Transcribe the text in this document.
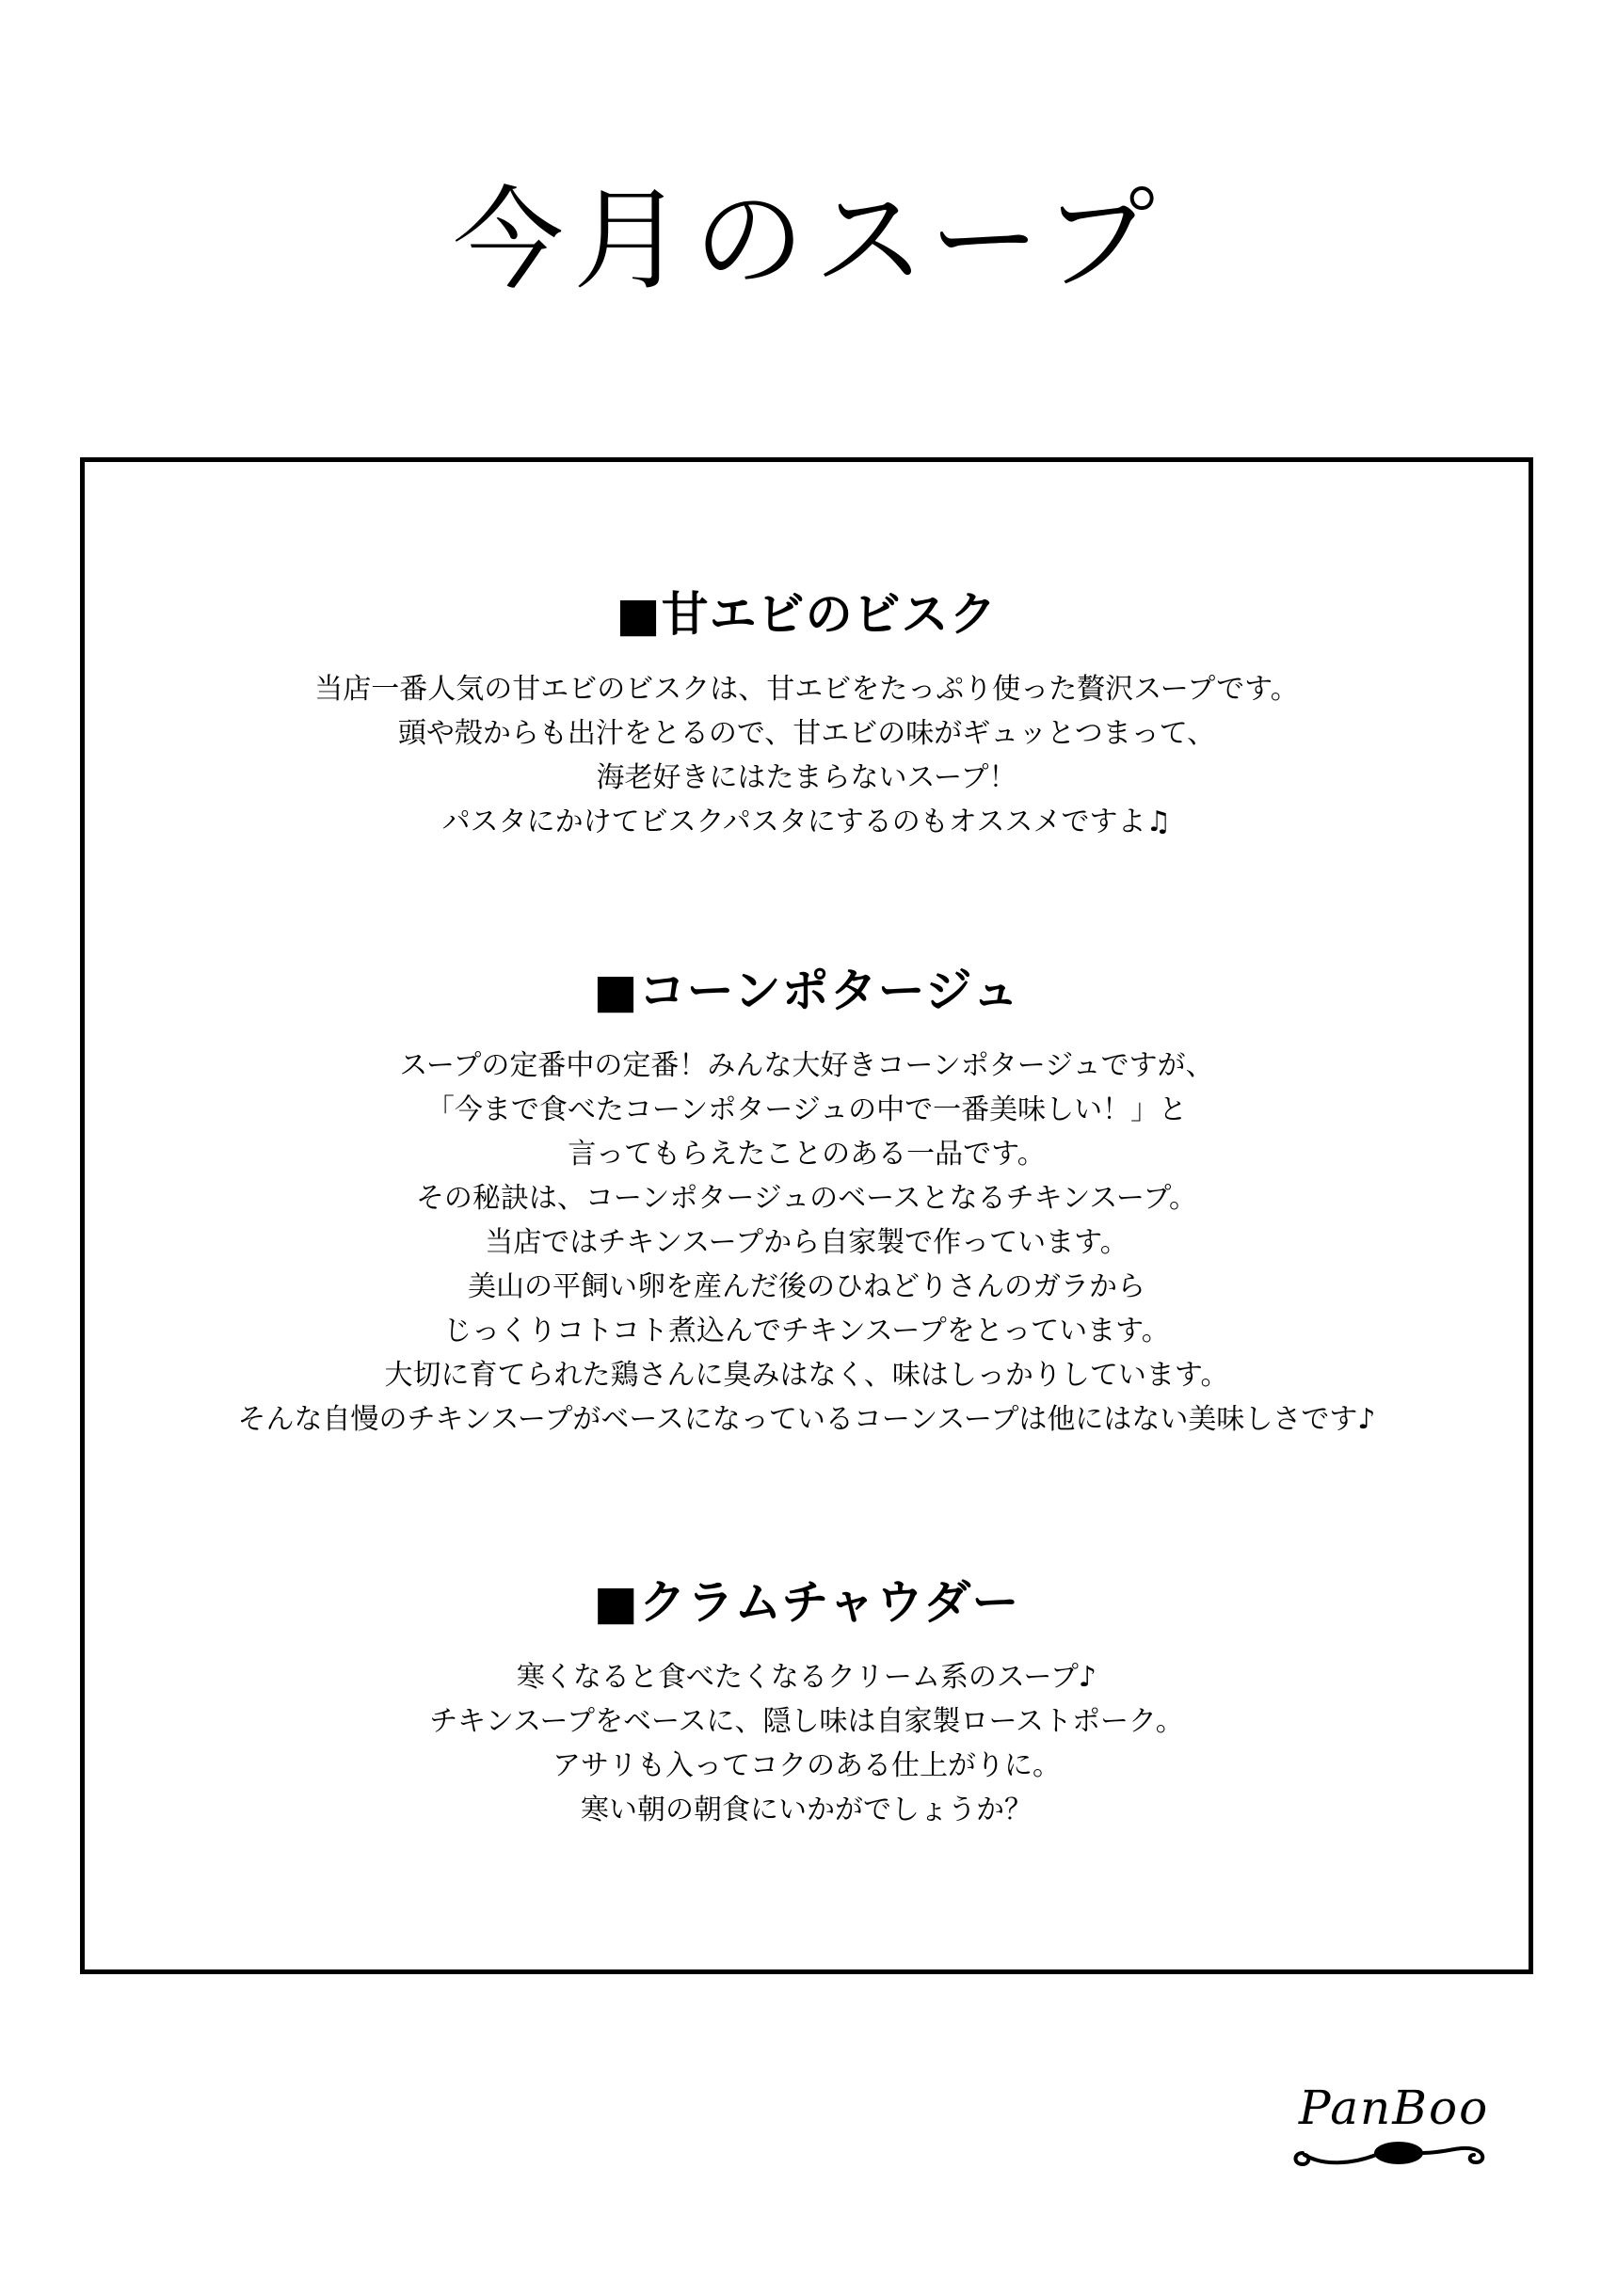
今月のスープ
■甘エビのビスク
当店一番人気の甘エビのビスクは、甘エビをたっぷり使った贅沢スープです。
頭や殻からも出汁をとるので、甘エビの味がギュッとつまって、
海老好きにはたまらないスープ！
パスタにかけてビスクパスタにするのもオススメですよ♫
■コーンポタージュ
スープの定番中の定番！みんな大好きコーンポタージュですが、
「今まで食べたコーンポタージュの中で一番美味しい！」と
言ってもらえたことのある一品です。
その秘訣は、コーンポタージュのベースとなるチキンスープ。
当店ではチキンスープから自家製で作っています。
美山の平飼い卵を産んだ後のひねどりさんのガラから
じっくりコトコト煮込んでチキンスープをとっています。
大切に育てられた鶏さんに臭みはなく、味はしっかりしています。
そんな自慢のチキンスープがベースになっているコーンスープは他にはない美味しさです♪
■クラムチャウダー
寒くなると食べたくなるクリーム系のスープ♪
チキンスープをベースに、隠し味は自家製ローストポーク。
アサリも入ってコクのある仕上がりに。
寒い朝の朝食にいかがでしょうか？
PanBoo
